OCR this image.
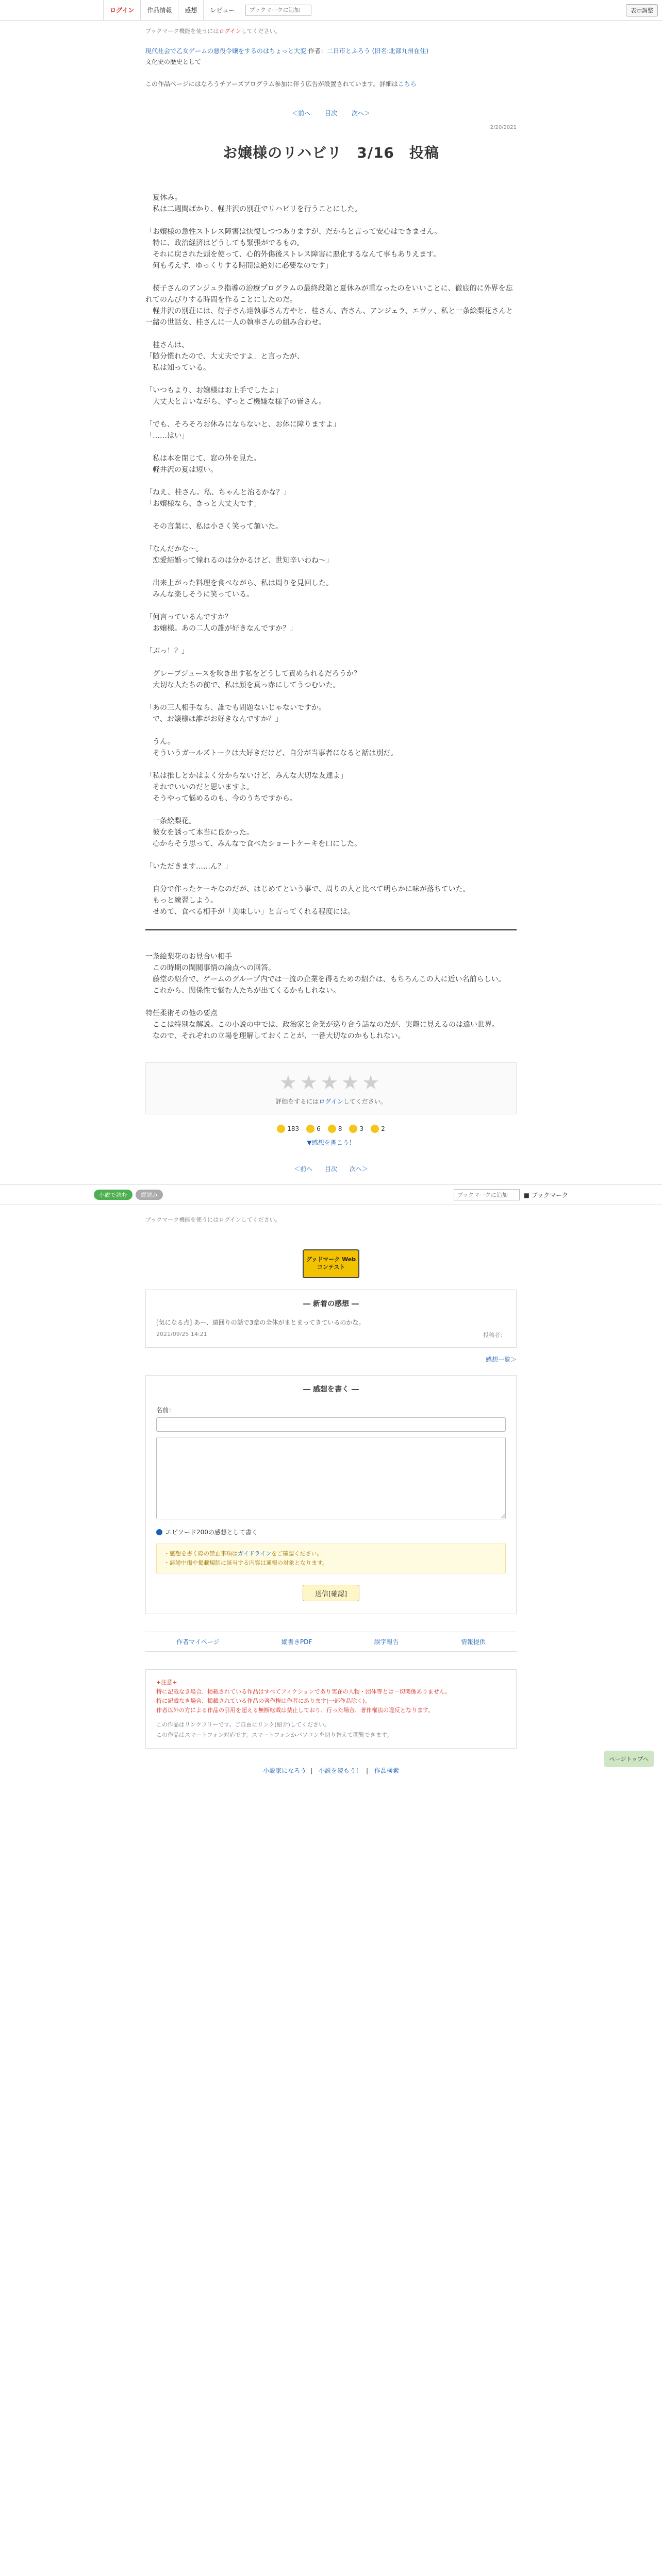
ログイン	作品情報	感想	レビュー
ブックマークに追加	表示調整
ブックマーク機能を使うにはログインしてください。
現代社会で乙女ゲームの悪役令嬢をするのはちょっと大変 作者：二日市とふろう (旧名:北部九州在住)
文化史の歴史として
この作品ページにはなろうチアーズプログラム参加に伴う広告が設置されています。詳細はこちら
＜前へ 目次 次へ＞
2/20/2021
お嬢様のリハビリ　3/16　投稿

　夏休み。
　私は二週間ばかり、軽井沢の別荘でリハビリを行うことにした。

「お嬢様の急性ストレス障害は快復しつつありますが、だからと言って安心はできません。
　特に、政治経済はどうしても緊張がでるもの。
　それに戻された頭を使って、心的外傷後ストレス障害に悪化するなんて事もありえます。
　何も考えず、ゆっくりする時間は絶対に必要なのです」

　桜子さんのアンジュラ指導の治療プログラムの最終段階と夏休みが重なったのをいいことに、徹底的に外界を忘れてのんびりする時間を作ることにしたのだ。
　軽井沢の別荘には、侍子さん達執事さん方やと、桂さん、杏さん、アンジェラ、エヴァ、私と一条絵梨花さんと一緒の世話女、桂さんに一人の執事さんの組み合わせ。

　桂さんは、
「随分慣れたので、大丈夫ですよ」と言ったが、
　私は知っている。

「いつもより、お嬢様はお上手でしたよ」
　大丈夫と言いながら、ずっとご機嫌な様子の皆さん。

「でも、そろそろお休みにならないと、お体に障りますよ」
「……はい」

　私は本を閉じて、窓の外を見た。
　軽井沢の夏は短い。

「ねえ、桂さん。私、ちゃんと治るかな？」
「お嬢様なら、きっと大丈夫です」

　その言葉に、私は小さく笑って頷いた。

「なんだかな～。
　恋愛結婚って憧れるのは分かるけど、世知辛いわね～」

　出来上がった料理を食べながら、私は周りを見回した。
　みんな楽しそうに笑っている。

「何言っているんですか？
　お嬢様。あの二人の誰が好きなんですか？」

「ぶっ！？」

　グレープジュースを吹き出す私をどうして責められるだろうか？
　大切な人たちの前で、私は顔を真っ赤にしてうつむいた。

「あの三人相手なら、誰でも問題ないじゃないですか。
　で、お嬢様は誰がお好きなんですか？」

　うん。
　そういうガールズトークは大好きだけど、自分が当事者になると話は別だ。

「私は推しとかはよく分からないけど、みんな大切な友達よ」
　それでいいのだと思いますよ。
　そうやって悩めるのも、今のうちですから。

　一条絵梨花。
　彼女を誘って本当に良かった。
　心からそう思って、みんなで食べたショートケーキを口にした。

「いただきます……ん？」

　自分で作ったケーキなのだが、はじめてという事で、周りの人と比べて明らかに味が落ちていた。
　もっと練習しよう。
　せめて、食べる相手が「美味しい」と言ってくれる程度には。

一条絵梨花のお見合い相手
　この時期の閨閥事情の論点への回答。
　藤堂の紹介で、ゲームのグループ内では一流の企業を得るための紹介は、もちろんこの人に近い名前らしい。
　これから、関係性で悩む人たちが出てくるかもしれない。

特任柔術その他の要点
　ここは特別な解説。この小説の中では、政治家と企業が巡り合う話なのだが、実際に見えるのは遠い世界。
　なので、それぞれの立場を理解しておくことが、一番大切なのかもしれない。

★★★★★
評価をするにはログインしてください。
183	6	8	3	2
▼感想を書こう！
＜前へ 目次 次へ＞
小説で読む	縦読み
ブックマークに追加	■ ブックマーク
ブックマーク機能を使うにはログインしてください。
グッドマーク Webコンテスト
― 新着の感想 ―
[気になる点] あー、遠回りの話で3章の全体がまとまってきているのかな。
2021/09/25 14:21	投稿者：
感想一覧＞
― 感想を書く ―
名前：

エピソード200の感想として書く
・感想を書く際の禁止事項はガイドラインをご確認ください。
・誹謗中傷や掲載規制に該当する内容は通報の対象となります。
送信[確認]
作者マイページ	縦書きPDF	誤字報告	情報提供
+注意+
特に記載なき場合、掲載されている作品はすべてフィクションであり実在の人物・団体等とは一切関係ありません。
特に記載なき場合、掲載されている作品の著作権は作者にあります(一部作品除く)。
作者以外の方による作品の引用を超える無断転載は禁止しており、行った場合、著作権法の違反となります。
この作品はリンクフリーです。ご自由にリンク(紹介)してください。
この作品はスマートフォン対応です。スマートフォンかパソコンを切り替えて閲覧できます。
小説家になろう | 小説を読もう！ | 作品検索
ページトップへ
